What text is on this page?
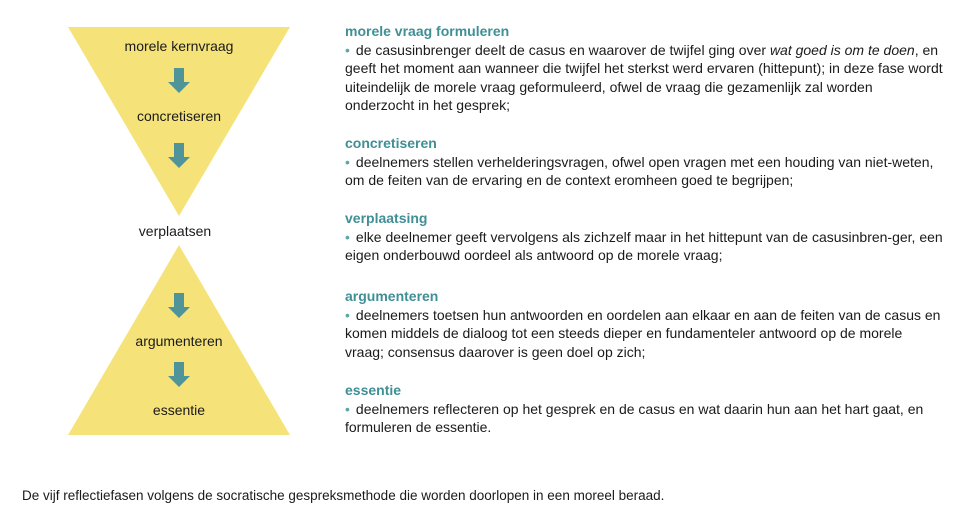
morele kernvraag
concretiseren
verplaatsen
argumenteren
essentie
morele vraag formuleren
• de casusinbrenger deelt de casus en waarover de twijfel ging over wat goed is om te doen, en geeft het moment aan wanneer die twijfel het sterkst werd ervaren (hittepunt); in deze fase wordt uiteindelijk de morele vraag geformuleerd, ofwel de vraag die gezamenlijk zal worden onderzocht in het gesprek;
concretiseren
• deelnemers stellen verhelderingsvragen, ofwel open vragen met een houding van niet-weten, om de feiten van de ervaring en de context eromheen goed te begrijpen;
verplaatsing
• elke deelnemer geeft vervolgens als zichzelf maar in het hittepunt van de casusinbren-ger, een eigen onderbouwd oordeel als antwoord op de morele vraag;
argumenteren
• deelnemers toetsen hun antwoorden en oordelen aan elkaar en aan de feiten van de casus en komen middels de dialoog tot een steeds dieper en fundamenteler antwoord op de morele vraag; consensus daarover is geen doel op zich;
essentie
• deelnemers reflecteren op het gesprek en de casus en wat daarin hun aan het hart gaat, en formuleren de essentie.
De vijf reflectiefasen volgens de socratische gespreksmethode die worden doorlopen in een moreel beraad.
